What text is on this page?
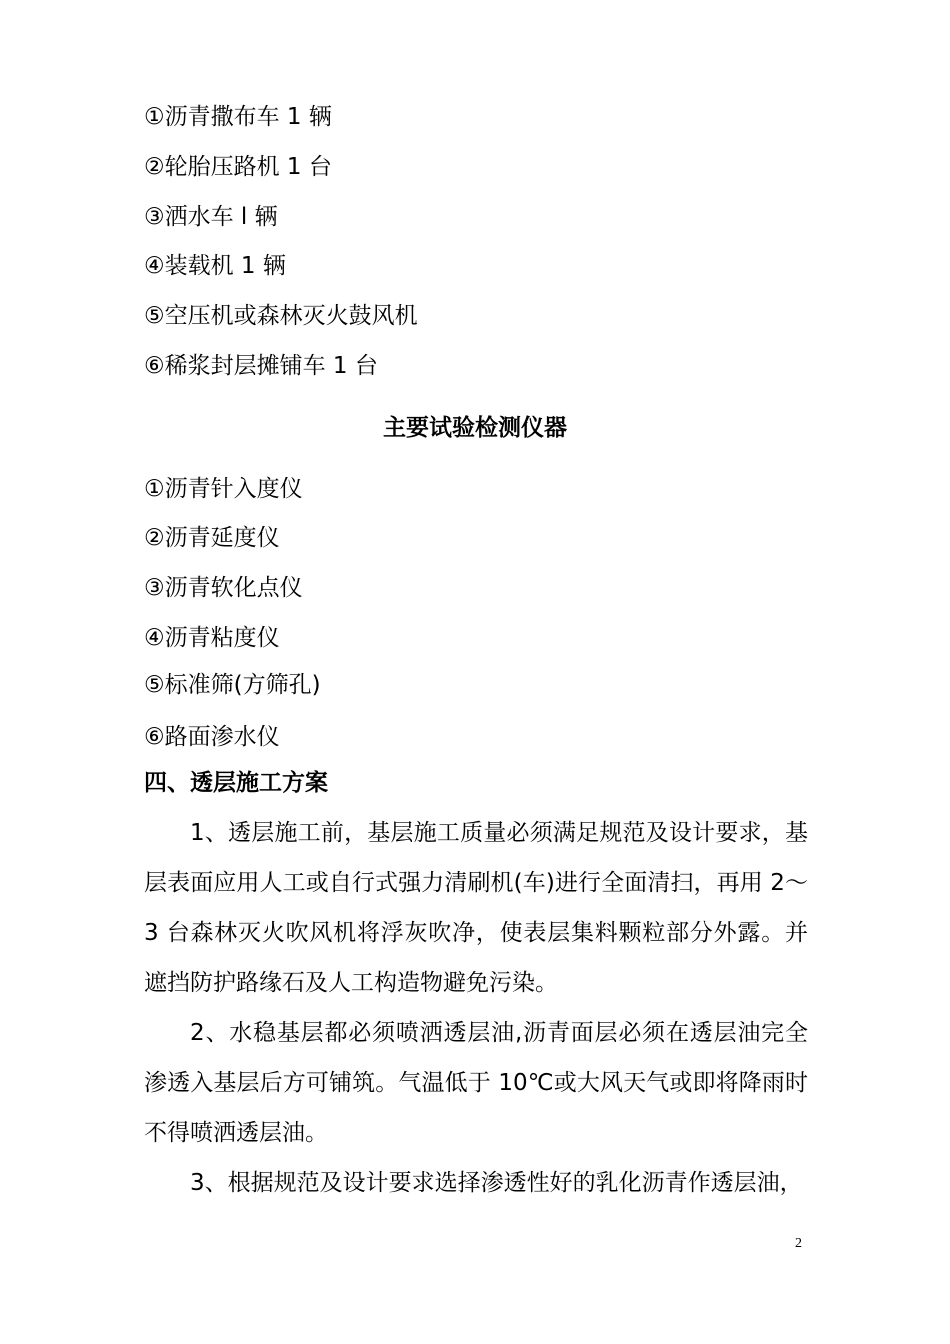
①沥青撒布车 1 辆

②轮胎压路机 1 台

③洒水车 l 辆

④装载机 1 辆

⑤空压机或森林灭火鼓风机

⑥稀浆封层摊铺车 1 台

主要试验检测仪器

①沥青针入度仪

②沥青延度仪

③沥青软化点仪

④沥青粘度仪

⑤标准筛(方筛孔)

⑥路面渗水仪

四、透层施工方案

1、透层施工前，基层施工质量必须满足规范及设计要求，基层表面应用人工或自行式强力清刷机(车)进行全面清扫，再用 2～3 台森林灭火吹风机将浮灰吹净，使表层集料颗粒部分外露。并遮挡防护路缘石及人工构造物避免污染。

2、水稳基层都必须喷洒透层油,沥青面层必须在透层油完全渗透入基层后方可铺筑。气温低于 10℃或大风天气或即将降雨时不得喷洒透层油。

3、根据规范及设计要求选择渗透性好的乳化沥青作透层油，

2
